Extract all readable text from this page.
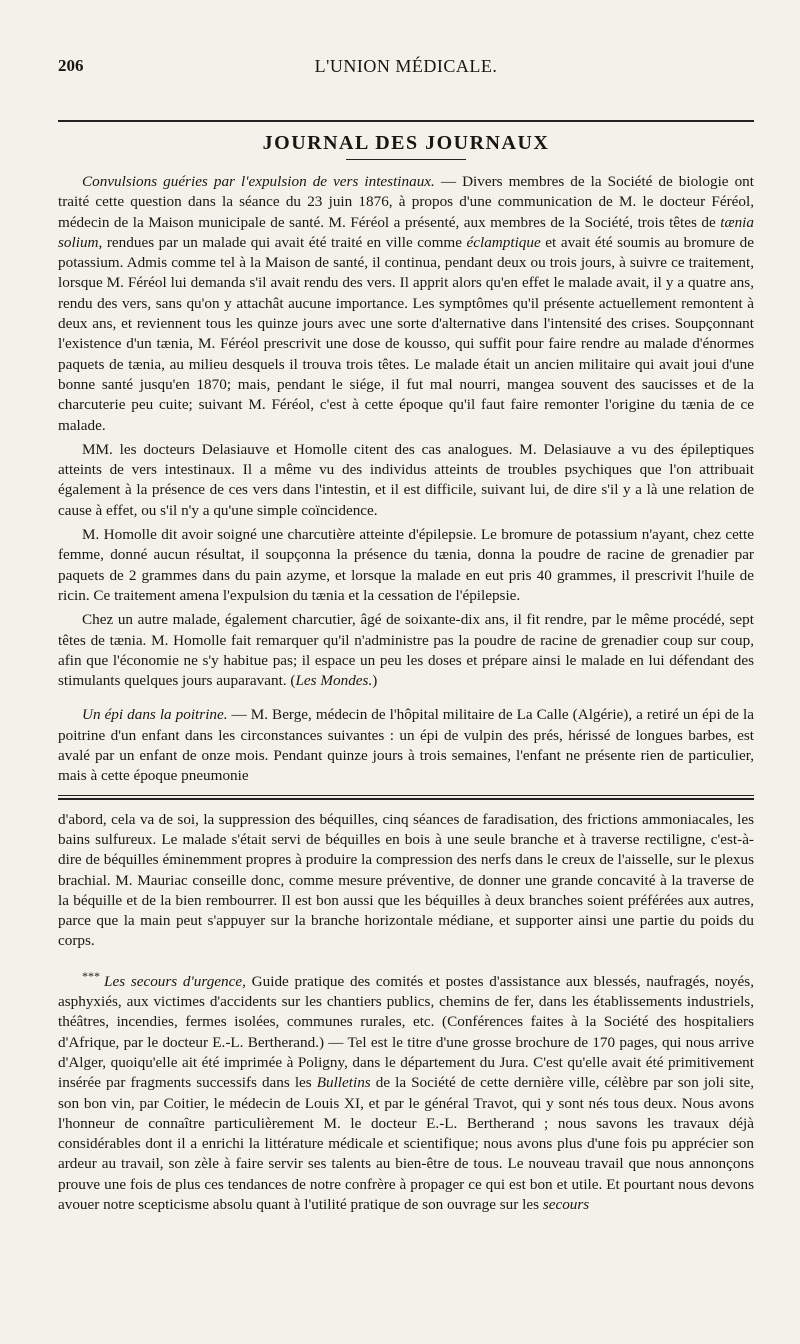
206	L'UNION MÉDICALE.
JOURNAL DES JOURNAUX

Convulsions guéries par l'expulsion de vers intestinaux. — Divers membres de la Société de biologie ont traité cette question dans la séance du 23 juin 1876, à propos d'une communication de M. le docteur Féréol, médecin de la Maison municipale de santé. M. Féréol a présenté, aux membres de la Société, trois têtes de tænia solium, rendues par un malade qui avait été traité en ville comme éclamptique et avait été soumis au bromure de potassium. Admis comme tel à la Maison de santé, il continua, pendant deux ou trois jours, à suivre ce traitement, lorsque M. Féréol lui demanda s'il avait rendu des vers. Il apprit alors qu'en effet le malade avait, il y a quatre ans, rendu des vers, sans qu'on y attachât aucune importance. Les symptômes qu'il présente actuellement remontent à deux ans, et reviennent tous les quinze jours avec une sorte d'alternative dans l'intensité des crises. Soupçonnant l'existence d'un tænia, M. Féréol prescrivit une dose de kousso, qui suffit pour faire rendre au malade d'énormes paquets de tænia, au milieu desquels il trouva trois têtes. Le malade était un ancien militaire qui avait joui d'une bonne santé jusqu'en 1870; mais, pendant le siége, il fut mal nourri, mangea souvent des saucisses et de la charcuterie peu cuite; suivant M. Féréol, c'est à cette époque qu'il faut faire remonter l'origine du tænia de ce malade.

MM. les docteurs Delasiauve et Homolle citent des cas analogues. M. Delasiauve a vu des épileptiques atteints de vers intestinaux. Il a même vu des individus atteints de troubles psychiques que l'on attribuait également à la présence de ces vers dans l'intestin, et il est difficile, suivant lui, de dire s'il y a là une relation de cause à effet, ou s'il n'y a qu'une simple coïncidence.

M. Homolle dit avoir soigné une charcutière atteinte d'épilepsie. Le bromure de potassium n'ayant, chez cette femme, donné aucun résultat, il soupçonna la présence du tænia, donna la poudre de racine de grenadier par paquets de 2 grammes dans du pain azyme, et lorsque la malade en eut pris 40 grammes, il prescrivit l'huile de ricin. Ce traitement amena l'expulsion du tænia et la cessation de l'épilepsie.

Chez un autre malade, également charcutier, âgé de soixante-dix ans, il fit rendre, par le même procédé, sept têtes de tænia. M. Homolle fait remarquer qu'il n'administre pas la poudre de racine de grenadier coup sur coup, afin que l'économie ne s'y habitue pas; il espace un peu les doses et prépare ainsi le malade en lui défendant des stimulants quelques jours auparavant. (Les Mondes.)

Un épi dans la poitrine. — M. Berge, médecin de l'hôpital militaire de La Calle (Algérie), a retiré un épi de la poitrine d'un enfant dans les circonstances suivantes : un épi de vulpin des prés, hérissé de longues barbes, est avalé par un enfant de onze mois. Pendant quinze jours à trois semaines, l'enfant ne présente rien de particulier, mais à cette époque pneumonie

d'abord, cela va de soi, la suppression des béquilles, cinq séances de faradisation, des frictions ammoniacales, les bains sulfureux. Le malade s'était servi de béquilles en bois à une seule branche et à traverse rectiligne, c'est-à-dire de béquilles éminemment propres à produire la compression des nerfs dans le creux de l'aisselle, sur le plexus brachial. M. Mauriac conseille donc, comme mesure préventive, de donner une grande concavité à la traverse de la béquille et de la bien rembourrer. Il est bon aussi que les béquilles à deux branches soient préférées aux autres, parce que la main peut s'appuyer sur la branche horizontale médiane, et supporter ainsi une partie du poids du corps.

*** Les secours d'urgence, Guide pratique des comités et postes d'assistance aux blessés, naufragés, noyés, asphyxiés, aux victimes d'accidents sur les chantiers publics, chemins de fer, dans les établissements industriels, théâtres, incendies, fermes isolées, communes rurales, etc. (Conférences faites à la Société des hospitaliers d'Afrique, par le docteur E.-L. Bertherand.) — Tel est le titre d'une grosse brochure de 170 pages, qui nous arrive d'Alger, quoiqu'elle ait été imprimée à Poligny, dans le département du Jura. C'est qu'elle avait été primitivement insérée par fragments successifs dans les Bulletins de la Société de cette dernière ville, célèbre par son joli site, son bon vin, par Coitier, le médecin de Louis XI, et par le général Travot, qui y sont nés tous deux. Nous avons l'honneur de connaître particulièrement M. le docteur E.-L. Bertherand ; nous savons les travaux déjà considérables dont il a enrichi la littérature médicale et scientifique; nous avons plus d'une fois pu apprécier son ardeur au travail, son zèle à faire servir ses talents au bien-être de tous. Le nouveau travail que nous annonçons prouve une fois de plus ces tendances de notre confrère à propager ce qui est bon et utile. Et pourtant nous devons avouer notre scepticisme absolu quant à l'utilité pratique de son ouvrage sur les secours
